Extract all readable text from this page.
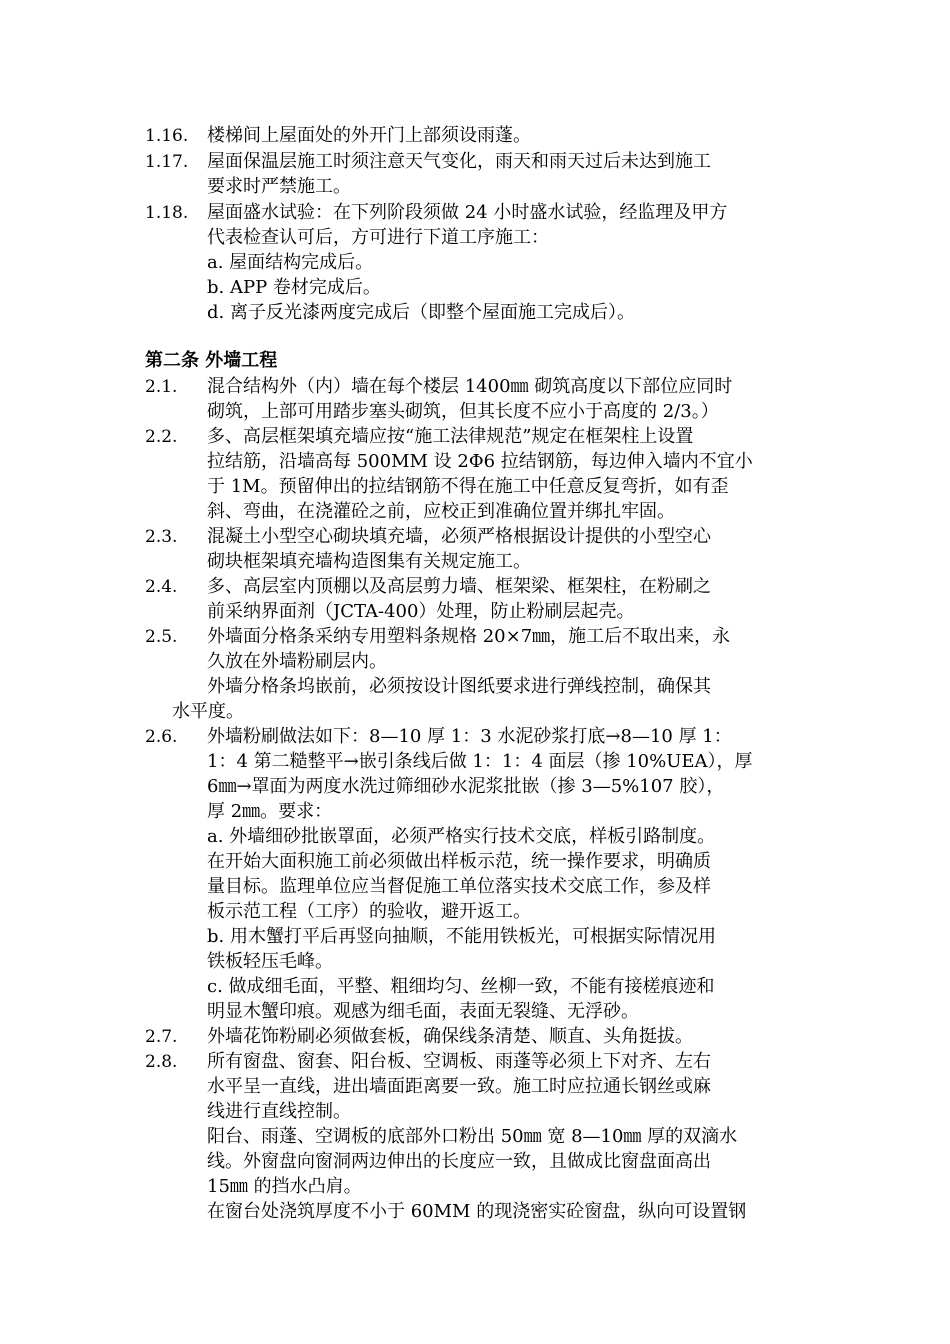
1.16. 楼梯间上屋面处的外开门上部须设雨蓬。
1.17. 屋面保温层施工时须注意天气变化，雨天和雨天过后未达到施工
要求时严禁施工。
1.18. 屋面盛水试验：在下列阶段须做 24 小时盛水试验，经监理及甲方
代表检查认可后，方可进行下道工序施工：
a. 屋面结构完成后。
b. APP 卷材完成后。
d. 离子反光漆两度完成后（即整个屋面施工完成后）。
第二条 外墙工程
2.1. 混合结构外（内）墙在每个楼层 1400㎜ 砌筑高度以下部位应同时
砌筑，上部可用踏步塞头砌筑，但其长度不应小于高度的 2/3。）
2.2. 多、高层框架填充墙应按“施工法律规范”规定在框架柱上设置
拉结筋，沿墙高每 500MM 设 2Φ6 拉结钢筋，每边伸入墙内不宜小
于 1M。预留伸出的拉结钢筋不得在施工中任意反复弯折，如有歪
斜、弯曲，在浇灌砼之前，应校正到准确位置并绑扎牢固。
2.3. 混凝土小型空心砌块填充墙，必须严格根据设计提供的小型空心
砌块框架填充墙构造图集有关规定施工。
2.4. 多、高层室内顶棚以及高层剪力墙、框架梁、框架柱，在粉刷之
前采纳界面剂（JCTA-400）处理，防止粉刷层起壳。
2.5. 外墙面分格条采纳专用塑料条规格 20×7㎜，施工后不取出来，永
久放在外墙粉刷层内。
外墙分格条坞嵌前，必须按设计图纸要求进行弹线控制，确保其
水平度。
2.6. 外墙粉刷做法如下：8—10 厚 1：3 水泥砂浆打底→8—10 厚 1：
1：4 第二糙整平→嵌引条线后做 1：1：4 面层（掺 10%UEA），厚
6㎜→罩面为两度水洗过筛细砂水泥浆批嵌（掺 3—5%107 胶），
厚 2㎜。要求：
a. 外墙细砂批嵌罩面，必须严格实行技术交底，样板引路制度。
在开始大面积施工前必须做出样板示范，统一操作要求，明确质
量目标。监理单位应当督促施工单位落实技术交底工作，参及样
板示范工程（工序）的验收，避开返工。
b. 用木蟹打平后再竖向抽顺，不能用铁板光，可根据实际情况用
铁板轻压毛峰。
c. 做成细毛面，平整、粗细均匀、丝柳一致，不能有接槎痕迹和
明显木蟹印痕。观感为细毛面，表面无裂缝、无浮砂。
2.7. 外墙花饰粉刷必须做套板，确保线条清楚、顺直、头角挺拔。
2.8. 所有窗盘、窗套、阳台板、空调板、雨蓬等必须上下对齐、左右
水平呈一直线，进出墙面距离要一致。施工时应拉通长钢丝或麻
线进行直线控制。
阳台、雨蓬、空调板的底部外口粉出 50㎜ 宽 8—10㎜ 厚的双滴水
线。外窗盘向窗洞两边伸出的长度应一致，且做成比窗盘面高出
15㎜ 的挡水凸肩。
在窗台处浇筑厚度不小于 60MM 的现浇密实砼窗盘，纵向可设置钢
